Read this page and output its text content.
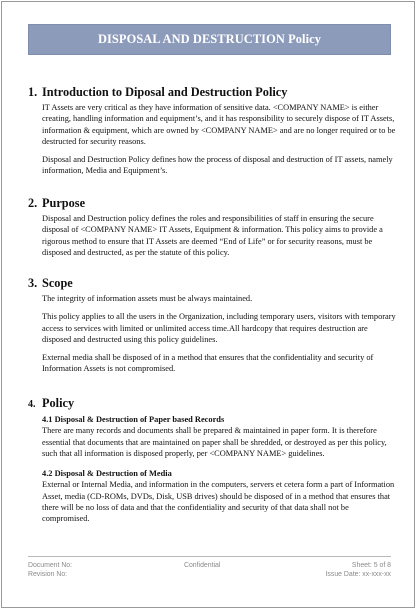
DISPOSAL AND DESTRUCTION Policy
1. Introduction to Diposal and Destruction Policy

IT Assets are very critical as they have information of sensitive data. <COMPANY NAME> is either creating, handling information and equipment’s, and it has responsibility to securely dispose of IT Assets, information & equipment, which are owned by <COMPANY NAME> and are no longer required or to be destructed for security reasons.

Disposal and Destruction Policy defines how the process of disposal and destruction of IT assets, namely information, Media and Equipment’s.

2. Purpose

Disposal and Destruction policy defines the roles and responsibilities of staff in ensuring the secure disposal of <COMPANY NAME> IT Assets, Equipment & information. This policy aims to provide a rigorous method to ensure that IT Assets are deemed “End of Life” or for security reasons, must be disposed and destructed, as per the statute of this policy.

3. Scope

The integrity of information assets must be always maintained.

This policy applies to all the users in the Organization, including temporary users, visitors with temporary access to services with limited or unlimited access time.All hardcopy that requires destruction are disposed and destructed using this policy guidelines.

External media shall be disposed of in a method that ensures that the confidentiality and security of Information Assets is not compromised.

4. Policy
4.1 Disposal & Destruction of Paper based Records

There are many records and documents shall be prepared & maintained in paper form. It is therefore essential that documents that are maintained on paper shall be shredded, or destroyed as per this policy, such that all information is disposed properly, per <COMPANY NAME> guidelines.

4.2 Disposal & Destruction of Media

External or Internal Media, and information in the computers, servers et cetera form a part of Information Asset, media (CD-ROMs, DVDs, Disk, USB drives) should be disposed of in a method that ensures that there will be no loss of data and that the confidentiality and security of that data shall not be compromised.

Document No:	Confidential	Sheet: 5 of 8
Revision No:	Issue Date: xx-xxx-xx
